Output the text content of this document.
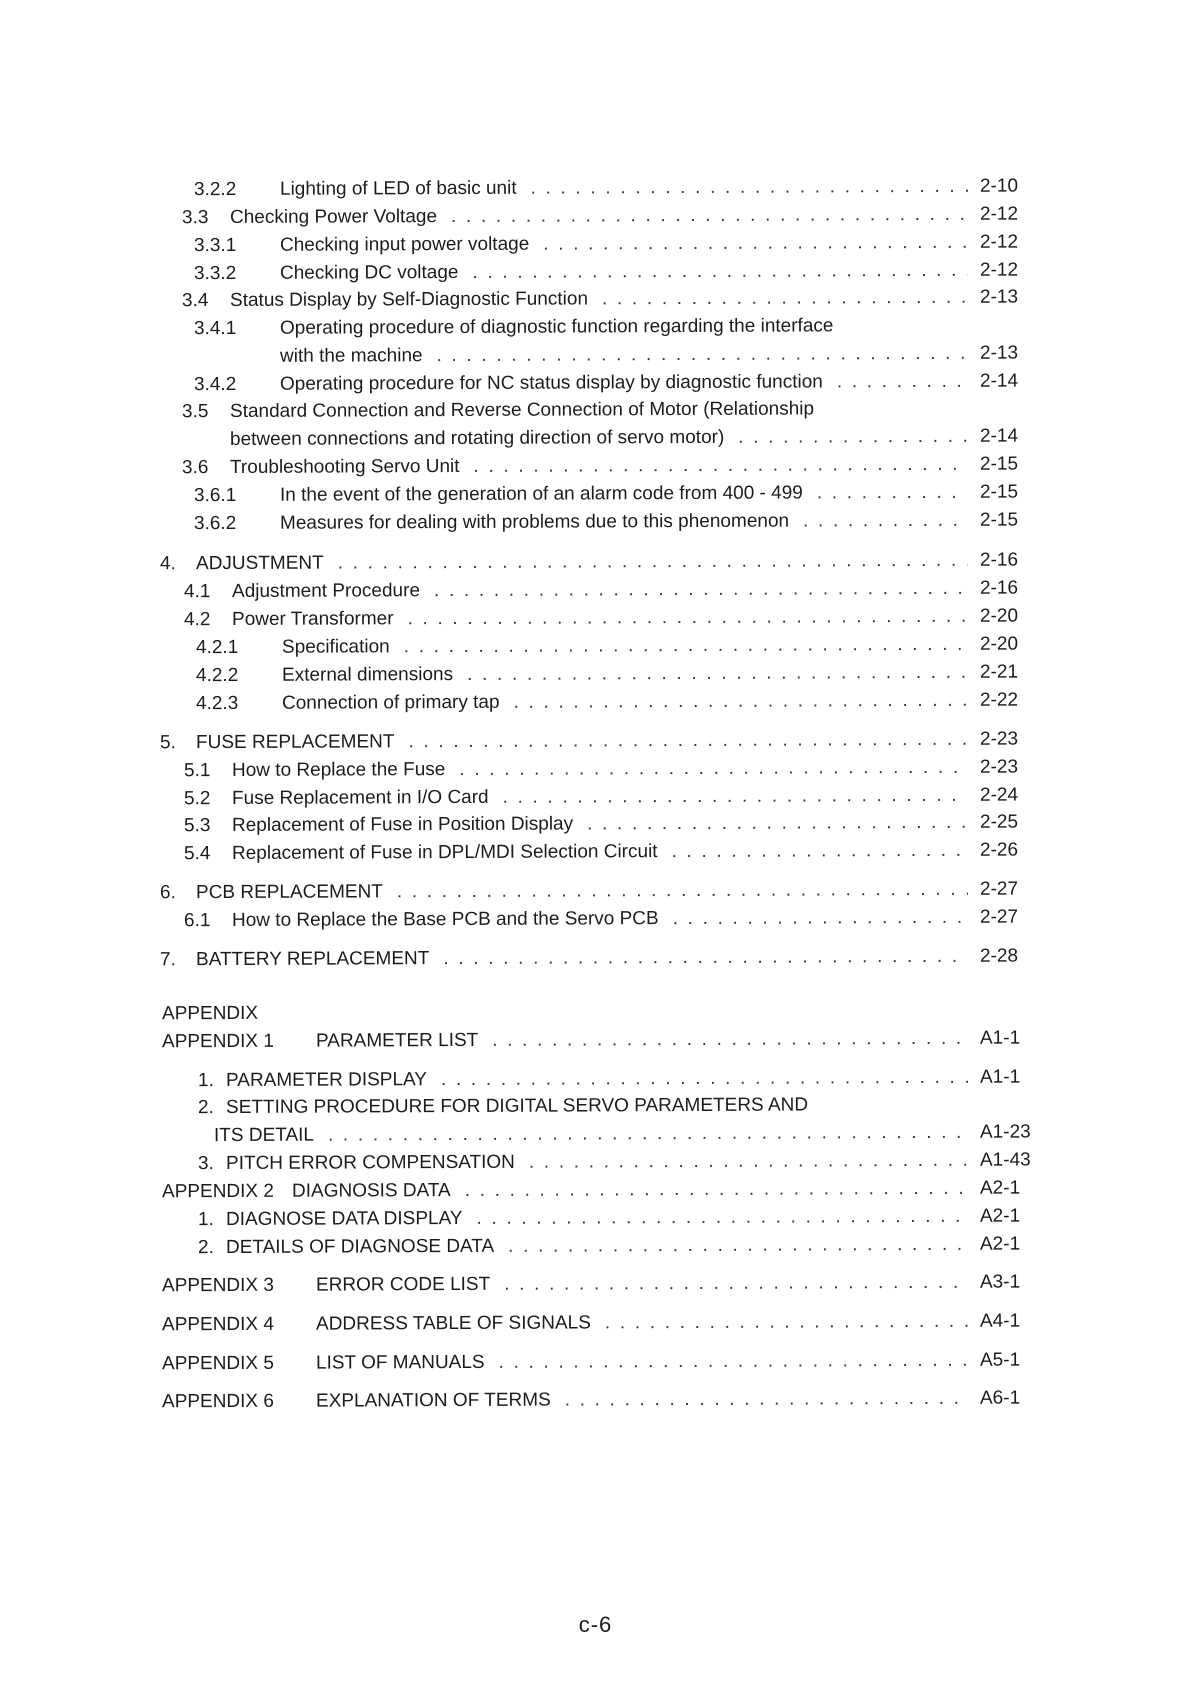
3.2.2	Lighting of LED of basic unit . . .	2-10
3.3	Checking Power Voltage . . .	2-12
3.3.1	Checking input power voltage . . .	2-12
3.3.2	Checking DC voltage . . .	2-12
3.4	Status Display by Self-Diagnostic Function . . .	2-13
3.4.1	Operating procedure of diagnostic function regarding the interface
with the machine . . .	2-13
3.4.2	Operating procedure for NC status display by diagnostic function . . .	2-14
3.5	Standard Connection and Reverse Connection of Motor (Relationship
between connections and rotating direction of servo motor) . . .	2-14
3.6	Troubleshooting Servo Unit . . .	2-15
3.6.1	In the event of the generation of an alarm code from 400 - 499 . . .	2-15
3.6.2	Measures for dealing with problems due to this phenomenon . . .	2-15
4.	ADJUSTMENT . . .	2-16
4.1	Adjustment Procedure . . .	2-16
4.2	Power Transformer . . .	2-20
4.2.1	Specification . . .	2-20
4.2.2	External dimensions . . .	2-21
4.2.3	Connection of primary tap . . .	2-22
5.	FUSE REPLACEMENT . . .	2-23
5.1	How to Replace the Fuse . . .	2-23
5.2	Fuse Replacement in I/O Card . . .	2-24
5.3	Replacement of Fuse in Position Display . . .	2-25
5.4	Replacement of Fuse in DPL/MDI Selection Circuit . . .	2-26
6.	PCB REPLACEMENT . . .	2-27
6.1	How to Replace the Base PCB and the Servo PCB . . .	2-27
7.	BATTERY REPLACEMENT . . .	2-28
APPENDIX
APPENDIX 1	PARAMETER LIST . . .	A1-1
1. PARAMETER DISPLAY . . .	A1-1
2. SETTING PROCEDURE FOR DIGITAL SERVO PARAMETERS AND
ITS DETAIL . . .	A1-23
3. PITCH ERROR COMPENSATION . . .	A1-43
APPENDIX 2 DIAGNOSIS DATA . . .	A2-1
1. DIAGNOSE DATA DISPLAY . . .	A2-1
2. DETAILS OF DIAGNOSE DATA . . .	A2-1
APPENDIX 3	ERROR CODE LIST . . .	A3-1
APPENDIX 4	ADDRESS TABLE OF SIGNALS . . .	A4-1
APPENDIX 5	LIST OF MANUALS . . .	A5-1
APPENDIX 6	EXPLANATION OF TERMS . . .	A6-1
c-6
